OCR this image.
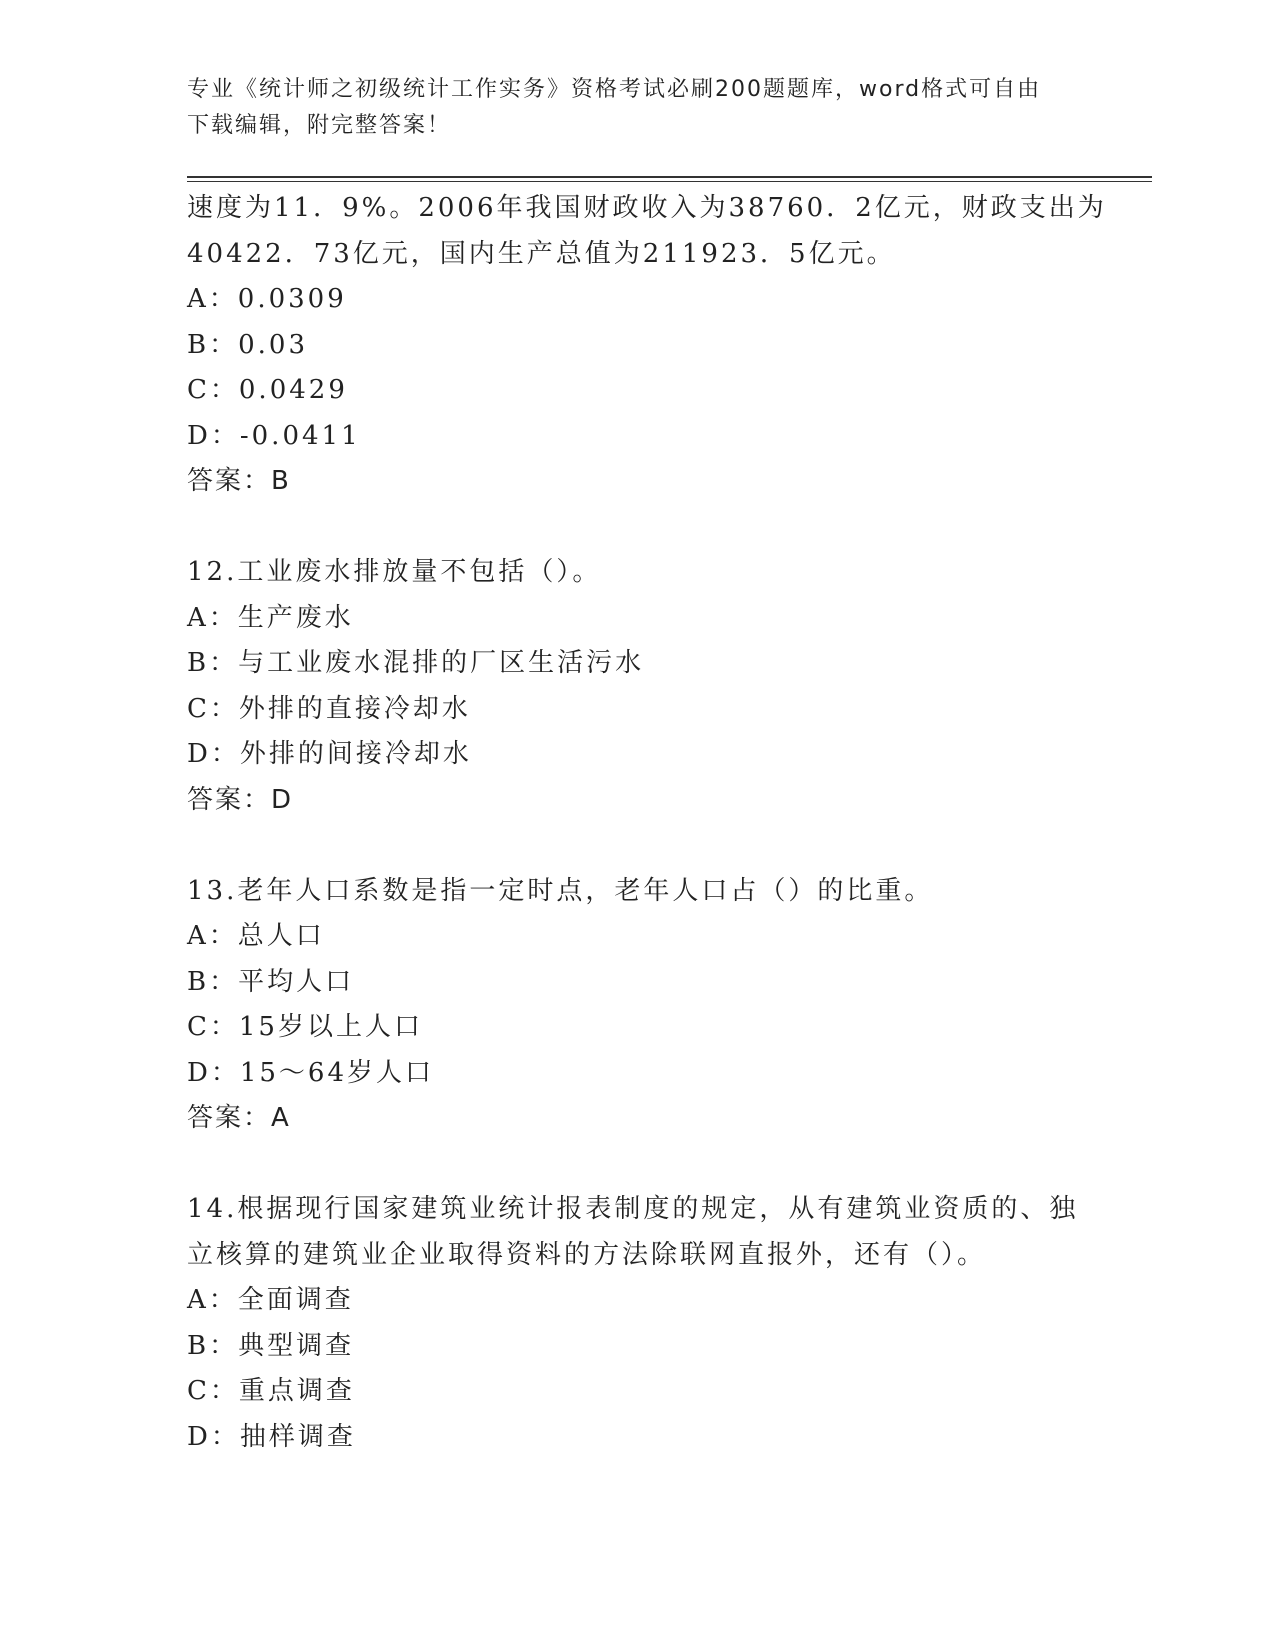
专业《统计师之初级统计工作实务》资格考试必刷200题题库，word格式可自由
下载编辑，附完整答案！
速度为11．9%。2006年我国财政收入为38760．2亿元，财政支出为
40422．73亿元，国内生产总值为211923．5亿元。
A：0.0309
B：0.03
C：0.0429
D：-0.0411
答案：B
12.工业废水排放量不包括（）。
A：生产废水
B：与工业废水混排的厂区生活污水
C：外排的直接冷却水
D：外排的间接冷却水
答案：D
13.老年人口系数是指一定时点，老年人口占（）的比重。
A：总人口
B：平均人口
C：15岁以上人口
D：15～64岁人口
答案：A
14.根据现行国家建筑业统计报表制度的规定，从有建筑业资质的、独
立核算的建筑业企业取得资料的方法除联网直报外，还有（）。
A：全面调查
B：典型调查
C：重点调查
D：抽样调查
